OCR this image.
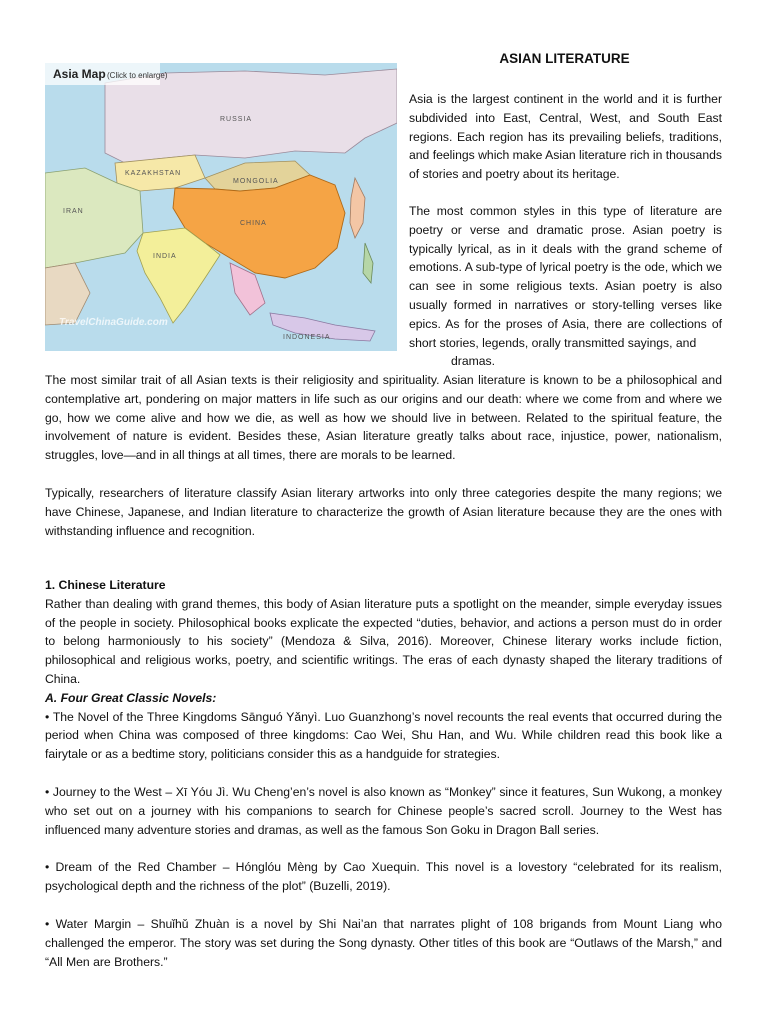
Asia Map (Click to enlarge)
RUSSIA
KAZAKHSTAN
MONGOLIA
CHINA
INDIA
IRAN
INDONESIA
TravelChinaGuide.com
ASIAN LITERATURE
Asia is the largest continent in the world and it is further subdivided into East, Central, West, and South East regions. Each region has its prevailing beliefs, traditions, and feelings which make Asian literature rich in thousands of stories and poetry about its heritage.
The most common styles in this type of literature are poetry or verse and dramatic prose. Asian poetry is typically lyrical, as in it deals with the grand scheme of emotions. A sub-type of lyrical poetry is the ode, which we can see in some religious texts. Asian poetry is also usually formed in narratives or story-telling verses like epics. As for the proses of Asia, there are collections of short stories, legends, orally transmitted sayings, and
dramas.
The most similar trait of all Asian texts is their religiosity and spirituality. Asian literature is known to be a philosophical and contemplative art, pondering on major matters in life such as our origins and our death: where we come from and where we go, how we come alive and how we die, as well as how we should live in between. Related to the spiritual feature, the involvement of nature is evident. Besides these, Asian literature greatly talks about race, injustice, power, nationalism, struggles, love—and in all things at all times, there are morals to be learned.
Typically, researchers of literature classify Asian literary artworks into only three categories despite the many regions; we have Chinese, Japanese, and Indian literature to characterize the growth of Asian literature because they are the ones with withstanding influence and recognition.

1. Chinese Literature

Rather than dealing with grand themes, this body of Asian literature puts a spotlight on the meander, simple everyday issues of the people in society. Philosophical books explicate the expected “duties, behavior, and actions a person must do in order to belong harmoniously to his society” (Mendoza & Silva, 2016). Moreover, Chinese literary works include fiction, philosophical and religious works, poetry, and scientific writings. The eras of each dynasty shaped the literary traditions of China.

A. Four Great Classic Novels:

• The Novel of the Three Kingdoms Sānguó Yǎnyì. Luo Guanzhong’s novel recounts the real events that occurred during the period when China was composed of three kingdoms: Cao Wei, Shu Han, and Wu. While children read this book like a fairytale or as a bedtime story, politicians consider this as a handguide for strategies.

• Journey to the West – Xī Yóu Jì. Wu Cheng’en’s novel is also known as “Monkey” since it features, Sun Wukong, a monkey who set out on a journey with his companions to search for Chinese people’s sacred scroll. Journey to the West has influenced many adventure stories and dramas, as well as the famous Son Goku in Dragon Ball series.

• Dream of the Red Chamber – Hónglóu Mèng by Cao Xuequin. This novel is a lovestory “celebrated for its realism, psychological depth and the richness of the plot” (Buzelli, 2019).

• Water Margin – Shuǐhǔ Zhuàn is a novel by Shi Nai’an that narrates plight of 108 brigands from Mount Liang who challenged the emperor. The story was set during the Song dynasty. Other titles of this book are “Outlaws of the Marsh,” and “All Men are Brothers.”
